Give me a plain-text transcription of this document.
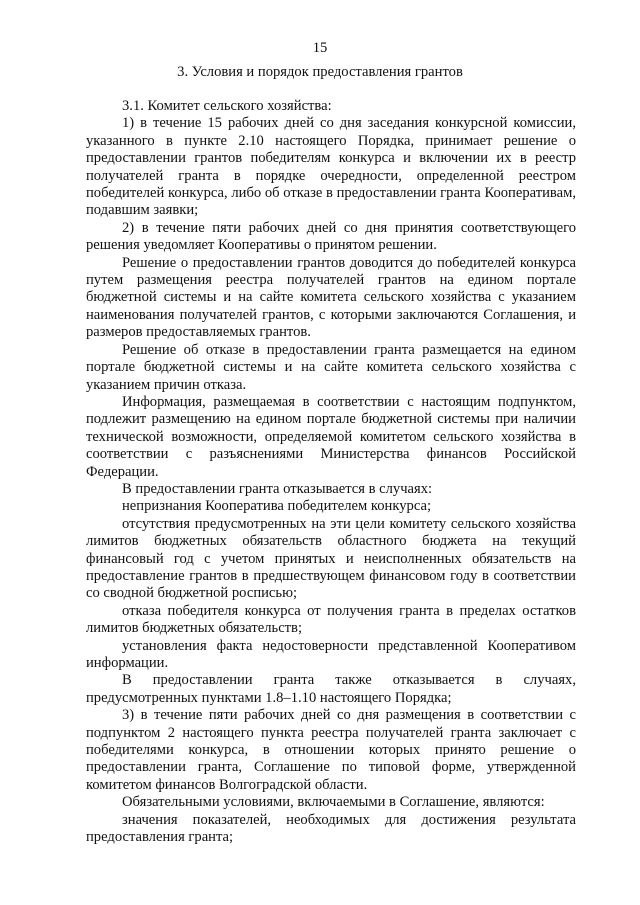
15
3. Условия и порядок предоставления грантов

3.1. Комитет сельского хозяйства:

1) в течение 15 рабочих дней со дня заседания конкурсной комиссии, указанного в пункте 2.10 настоящего Порядка, принимает решение о предоставлении грантов победителям конкурса и включении их в реестр получателей гранта в порядке очередности, определенной реестром победителей конкурса, либо об отказе в предоставлении гранта Кооперативам, подавшим заявки;

2) в течение пяти рабочих дней со дня принятия соответствующего решения уведомляет Кооперативы о принятом решении.

Решение о предоставлении грантов доводится до победителей конкурса путем размещения реестра получателей грантов на едином портале бюджетной системы и на сайте комитета сельского хозяйства с указанием наименования получателей грантов, с которыми заключаются Соглашения, и размеров предоставляемых грантов.

Решение об отказе в предоставлении гранта размещается на едином портале бюджетной системы и на сайте комитета сельского хозяйства с указанием причин отказа.

Информация, размещаемая в соответствии с настоящим подпунктом, подлежит размещению на едином портале бюджетной системы при наличии технической возможности, определяемой комитетом сельского хозяйства в соответствии с разъяснениями Министерства финансов Российской Федерации.

В предоставлении гранта отказывается в случаях:

непризнания Кооператива победителем конкурса;

отсутствия предусмотренных на эти цели комитету сельского хозяйства лимитов бюджетных обязательств областного бюджета на текущий финансовый год с учетом принятых и неисполненных обязательств на предоставление грантов в предшествующем финансовом году в соответствии со сводной бюджетной росписью;

отказа победителя конкурса от получения гранта в пределах остатков лимитов бюджетных обязательств;

установления факта недостоверности представленной Кооперативом информации.

В предоставлении гранта также отказывается в случаях, предусмотренных пунктами 1.8–1.10 настоящего Порядка;

3) в течение пяти рабочих дней со дня размещения в соответствии с подпунктом 2 настоящего пункта реестра получателей гранта заключает с победителями конкурса, в отношении которых принято решение о предоставлении гранта, Соглашение по типовой форме, утвержденной комитетом финансов Волгоградской области.

Обязательными условиями, включаемыми в Соглашение, являются:

значения показателей, необходимых для достижения результата предоставления гранта;
